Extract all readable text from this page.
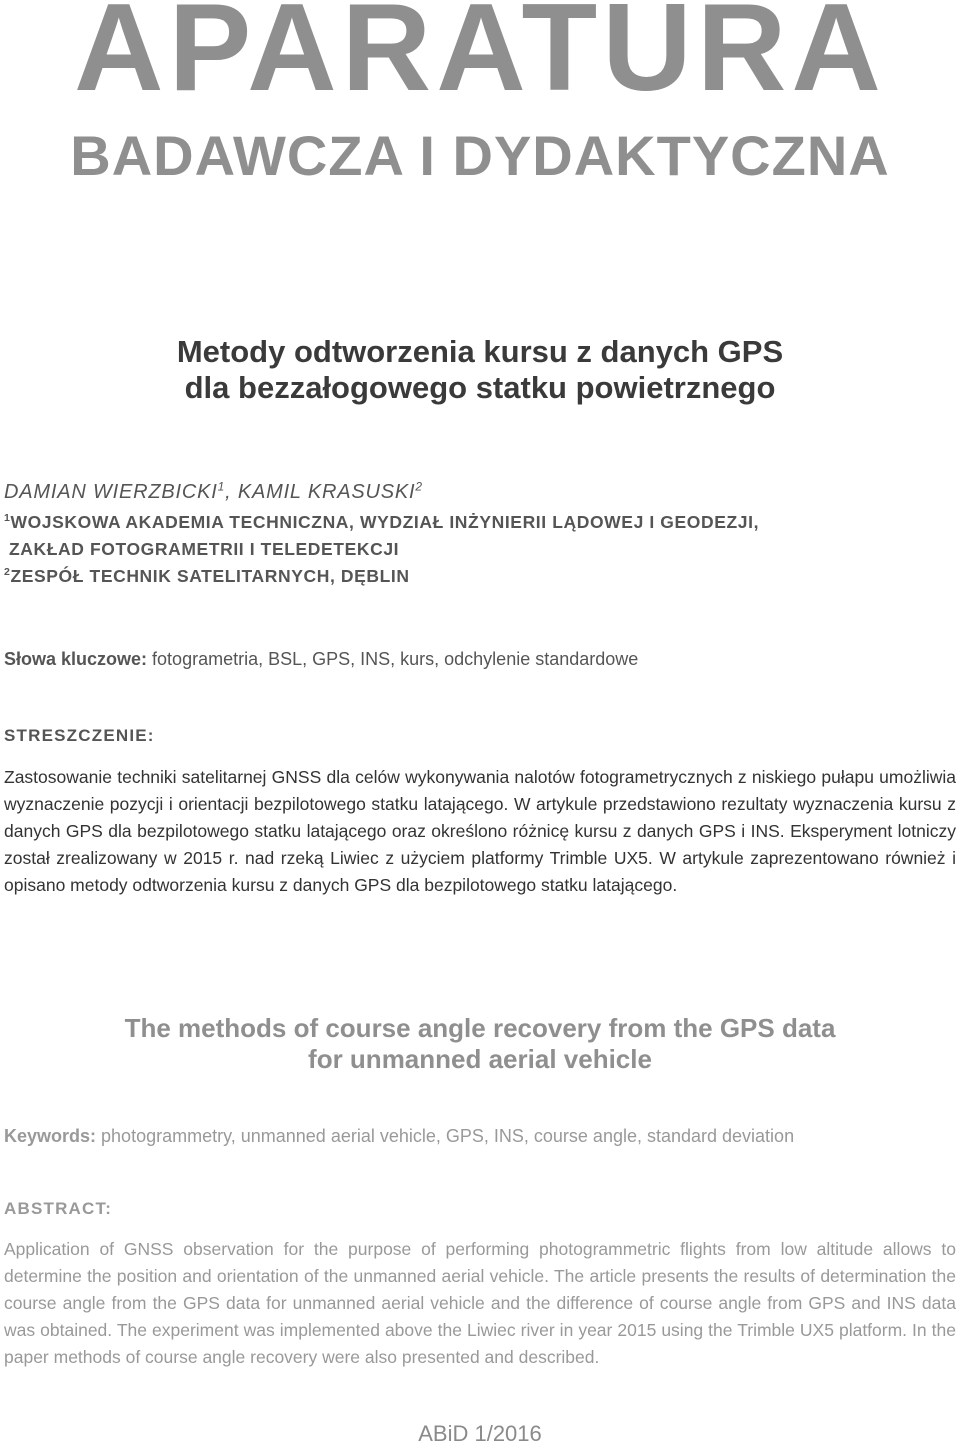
APARATURA
BADAWCZA I DYDAKTYCZNA
Metody odtworzenia kursu z danych GPS
dla bezzałogowego statku powietrznego
DAMIAN WIERZBICKI$^1$, KAMIL KRASUSKI$^2$
$^1$WOJSKOWA AKADEMIA TECHNICZNA, WYDZIAŁ INŻYNIERII LĄDOWEJ I GEODEZJI,
ZAKŁAD FOTOGRAMETRII I TELEDETEKCJI
$^2$ZESPÓŁ TECHNIK SATELITARNYCH, DĘBLIN
Słowa kluczowe: fotogrametria, BSL, GPS, INS, kurs, odchylenie standardowe
STRESZCZENIE:
Zastosowanie techniki satelitarnej GNSS dla celów wykonywania nalotów fotogrametrycznych z niskiego pułapu umożliwia wyznaczenie pozycji i orientacji bezpilotowego statku latającego. W artykule przedstawiono rezultaty wyznaczenia kursu z danych GPS dla bezpilotowego statku latającego oraz określono różnicę kursu z danych GPS i INS. Eksperyment lotniczy został zrealizowany w 2015 r. nad rzeką Liwiec z użyciem platformy Trimble UX5. W artykule zaprezentowano również i opisano metody odtworzenia kursu z danych GPS dla bezpilotowego statku latającego.
The methods of course angle recovery from the GPS data
for unmanned aerial vehicle
Keywords: photogrammetry, unmanned aerial vehicle, GPS, INS, course angle, standard deviation
ABSTRACT:
Application of GNSS observation for the purpose of performing photogrammetric flights from low altitude allows to determine the position and orientation of the unmanned aerial vehicle. The article presents the results of determination the course angle from the GPS data for unmanned aerial vehicle and the difference of course angle from GPS and INS data was obtained. The experiment was implemented above the Liwiec river in year 2015 using the Trimble UX5 platform. In the paper methods of course angle recovery were also presented and described.
ABiD 1/2016
